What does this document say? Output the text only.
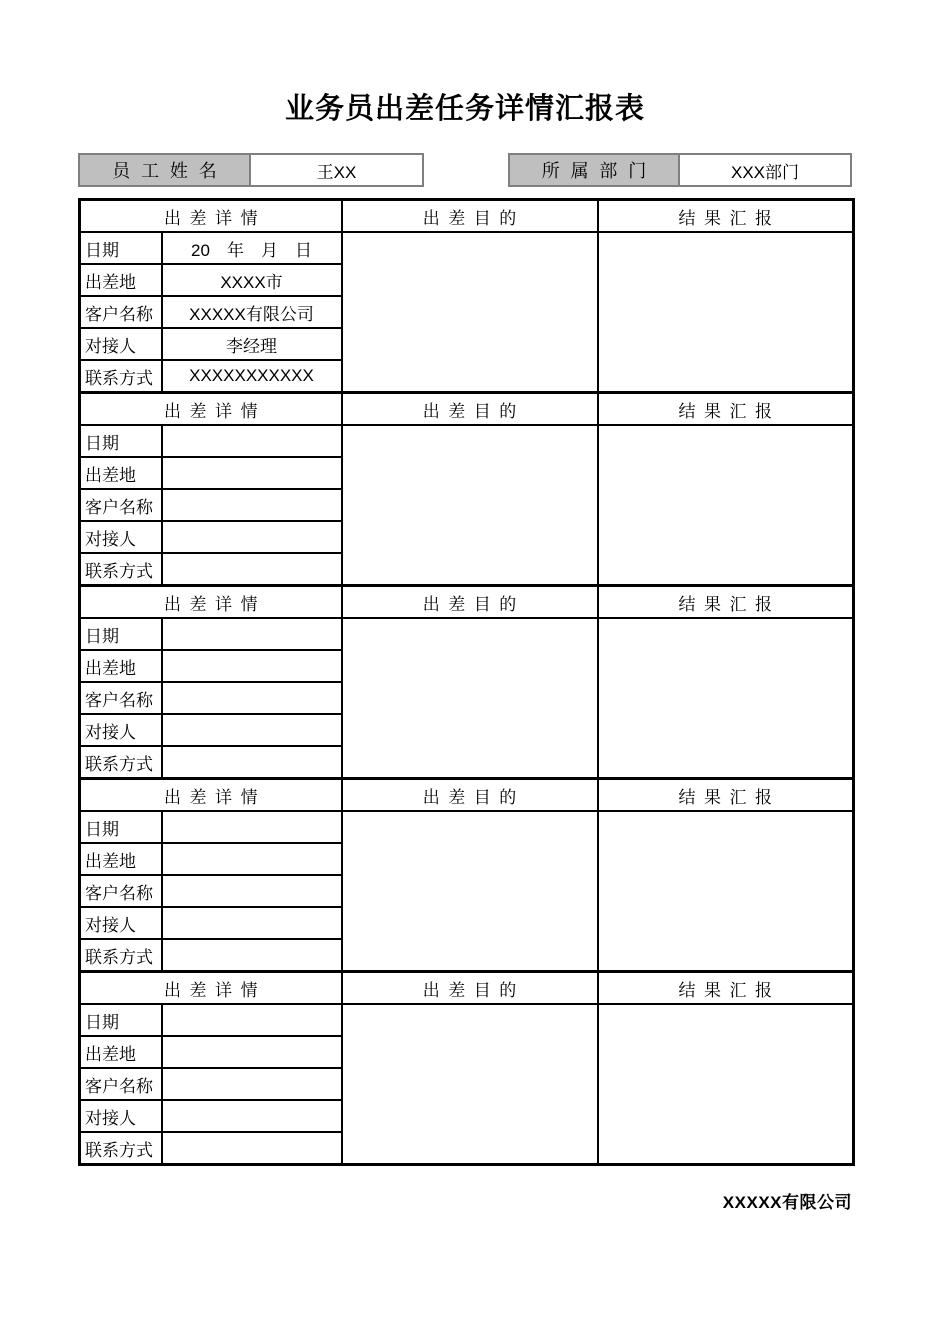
业务员出差任务详情汇报表
员工姓名	王XX	所属部门	XXX部门
出差详情		出差目的	结果汇报
日期	20　年　月　日		
出差地	XXXX市		
客户名称	XXXXX有限公司		
对接人	李经理		
联系方式	XXXXXXXXXXX		
出差详情		出差目的	结果汇报
日期			
出差地			
客户名称			
对接人			
联系方式			
出差详情		出差目的	结果汇报
日期			
出差地			
客户名称			
对接人			
联系方式			
出差详情		出差目的	结果汇报
日期			
出差地			
客户名称			
对接人			
联系方式			
出差详情		出差目的	结果汇报
日期			
出差地			
客户名称			
对接人			
联系方式			
XXXXX有限公司
